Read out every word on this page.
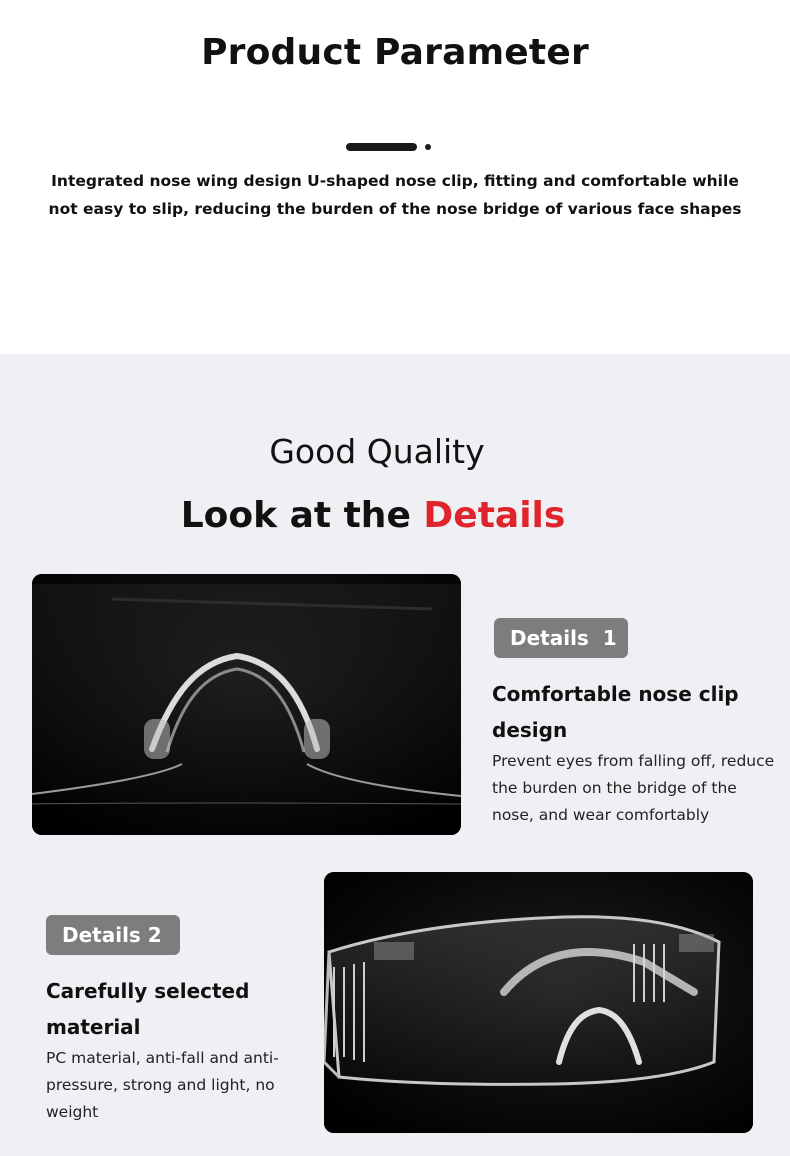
Product Parameter

Integrated nose wing design U-shaped nose clip, fitting and comfortable while not easy to slip, reducing the burden of the nose bridge of various face shapes

Good Quality
Look at the Details
Details  1
Comfortable nose clip design
Prevent eyes from falling off, reduce the burden on the bridge of the nose, and wear comfortably
Details 2
Carefully selected material
PC material, anti-fall and anti-pressure, strong and light, no weight
